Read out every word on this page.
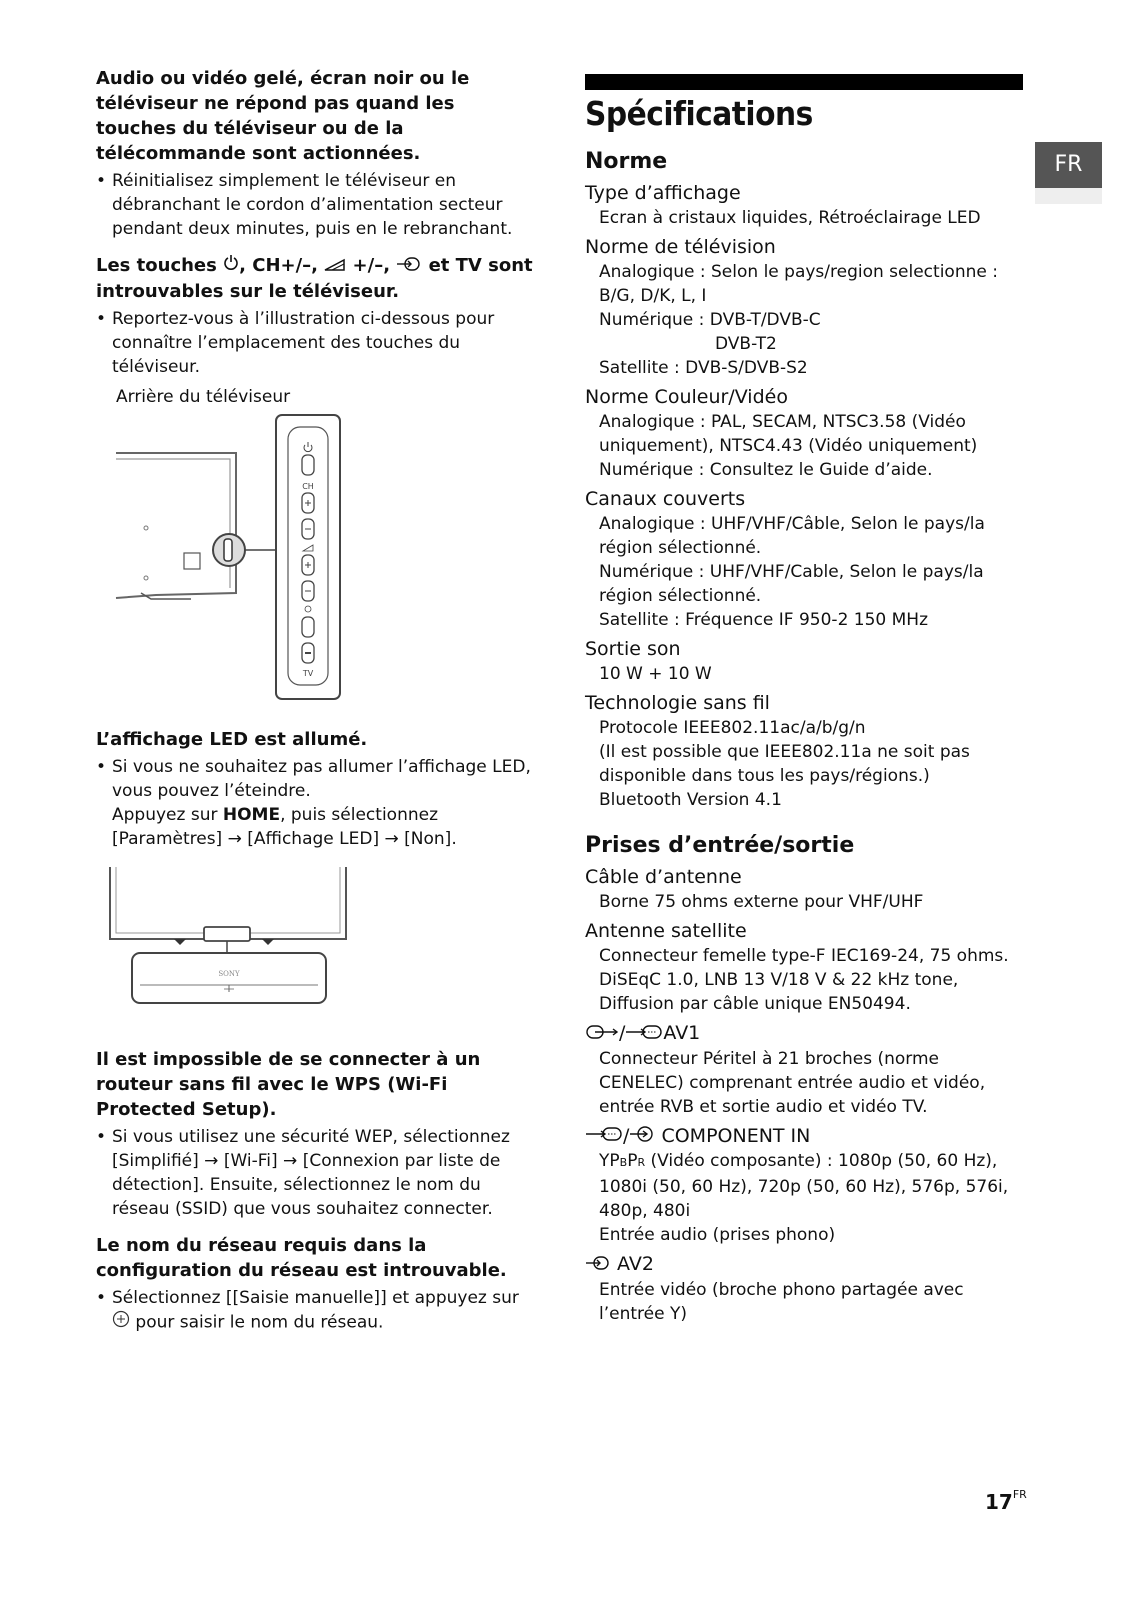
Audio ou vidéo gelé, écran noir ou le téléviseur ne répond pas quand les touches du téléviseur ou de la télécommande sont actionnées.

• Réinitialisez simplement le téléviseur en débranchant le cordon d’alimentation secteur pendant deux minutes, puis en le rebranchant.

Les touches , CH+/–,  +/–,  et TV sont introuvables sur le téléviseur.

• Reportez-vous à l’illustration ci-dessous pour connaître l’emplacement des touches du téléviseur.

Arrière du téléviseur

CH
TV

L’affichage LED est allumé.

• Si vous ne souhaitez pas allumer l’affichage LED, vous pouvez l’éteindre.

Appuyez sur HOME, puis sélectionnez

[Paramètres] → [Affichage LED] → [Non].

SONY

Il est impossible de se connecter à un routeur sans fil avec le WPS (Wi-Fi Protected Setup).

• Si vous utilisez une sécurité WEP, sélectionnez

[Simplifié] → [Wi-Fi] → [Connexion par liste de

détection]. Ensuite, sélectionnez le nom du réseau (SSID) que vous souhaitez connecter.

Le nom du réseau requis dans la configuration du réseau est introuvable.

• Sélectionnez [[Saisie manuelle]] et appuyez sur

pour saisir le nom du réseau.

Spécifications

Norme

Type d’affichage

Ecran à cristaux liquides, Rétroéclairage LED

Norme de télévision

Analogique : Selon le pays/region selectionne : B/G, D/K, L, I

Numérique : DVB-T/DVB-C

DVB-T2

Satellite : DVB-S/DVB-S2

Norme Couleur/Vidéo

Analogique : PAL, SECAM, NTSC3.58 (Vidéo uniquement), NTSC4.43 (Vidéo uniquement)

Numérique : Consultez le Guide d’aide.

Canaux couverts

Analogique : UHF/VHF/Câble, Selon le pays/la région sélectionné.

Numérique : UHF/VHF/Cable, Selon le pays/la région sélectionné.

Satellite : Fréquence IF 950-2 150 MHz

Sortie son

10 W + 10 W

Technologie sans fil

Protocole IEEE802.11ac/a/b/g/n

(Il est possible que IEEE802.11a ne soit pas disponible dans tous les pays/régions.)

Bluetooth Version 4.1

Prises d’entrée/sortie

Câble d’antenne

Borne 75 ohms externe pour VHF/UHF

Antenne satellite

Connecteur femelle type-F IEC169-24, 75 ohms. DiSEqC 1.0, LNB 13 V/18 V & 22 kHz tone, Diffusion par câble unique EN50494.

/ AV1

Connecteur Péritel à 21 broches (norme CENELEC) comprenant entrée audio et vidéo, entrée RVB et sortie audio et vidéo TV.

/ COMPONENT IN

YPBPR (Vidéo composante) : 1080p (50, 60 Hz), 1080i (50, 60 Hz), 720p (50, 60 Hz), 576p, 576i, 480p, 480i

Entrée audio (prises phono)

AV2

Entrée vidéo (broche phono partagée avec l’entrée Y)

FR
$17^{FR}$
